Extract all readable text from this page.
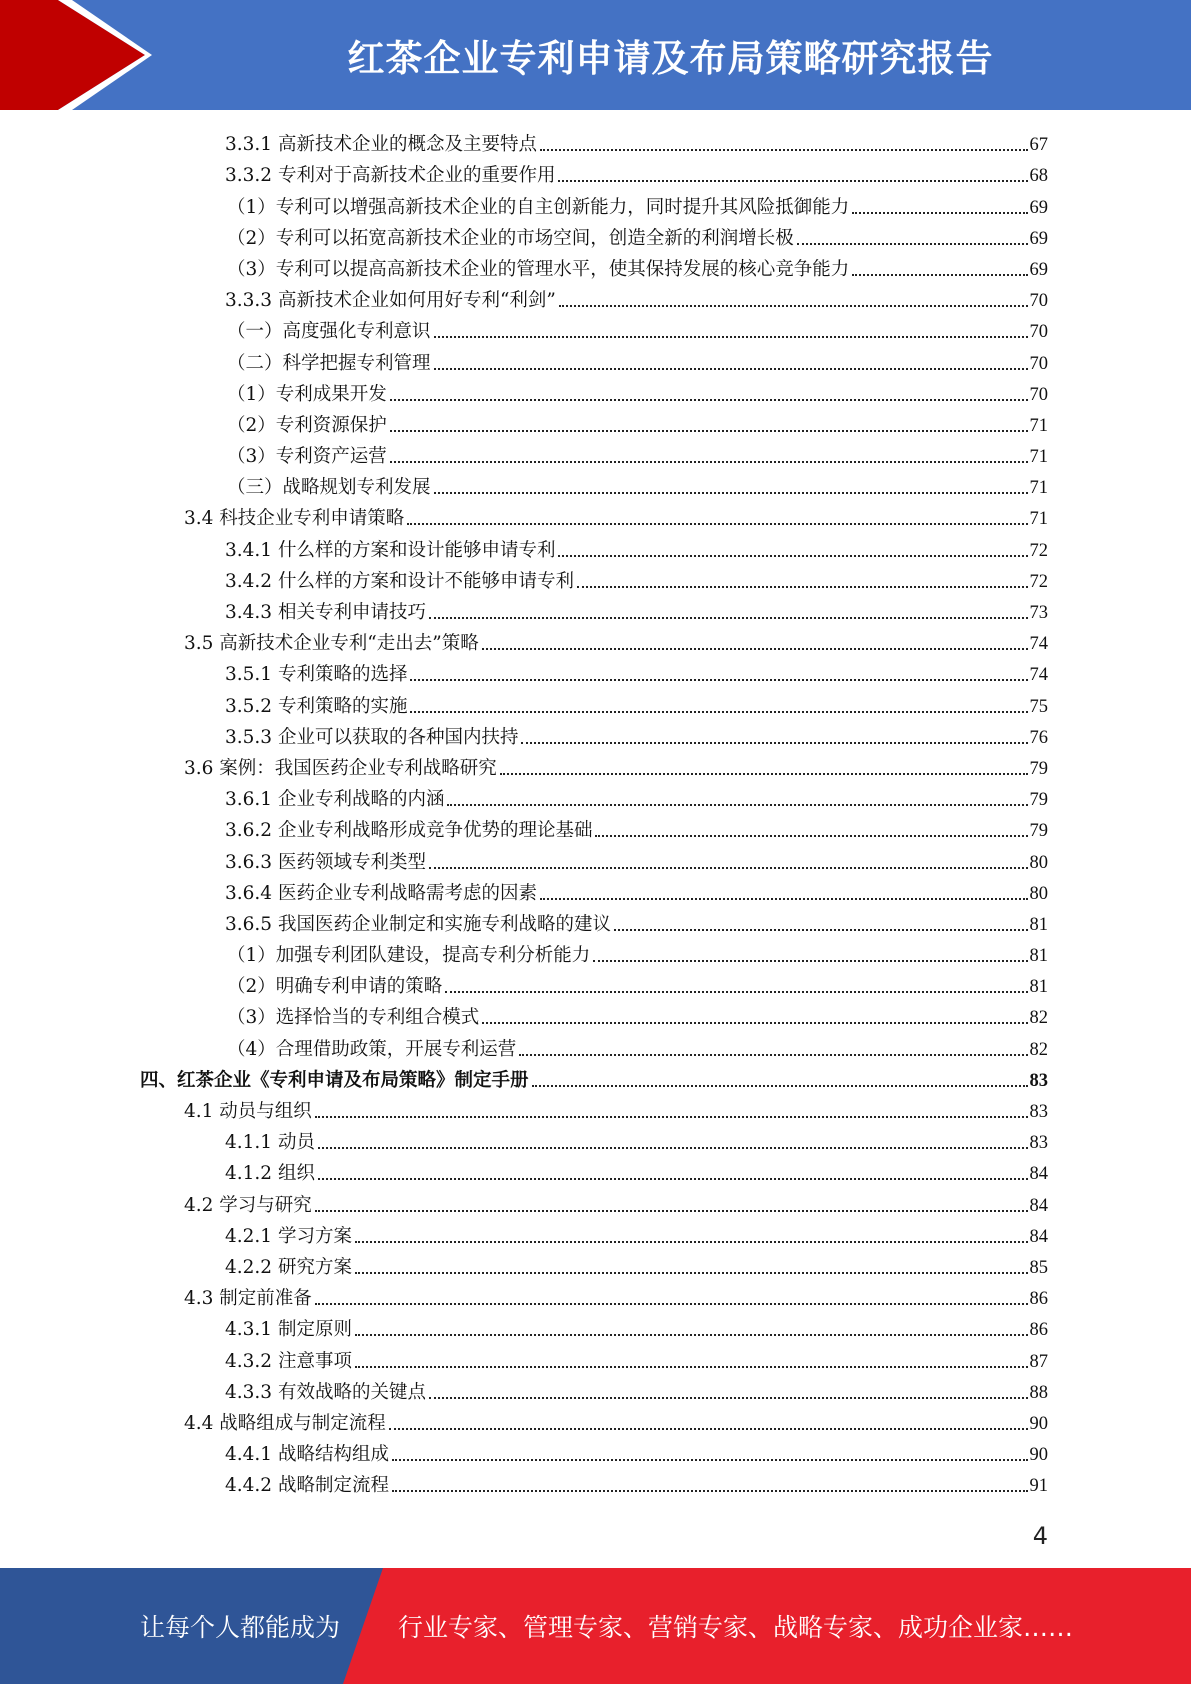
红茶企业专利申请及布局策略研究报告
3.3.1 高新技术企业的概念及主要特点	67
3.3.2 专利对于高新技术企业的重要作用	68
（1）专利可以增强高新技术企业的自主创新能力，同时提升其风险抵御能力	69
（2）专利可以拓宽高新技术企业的市场空间，创造全新的利润增长极	69
（3）专利可以提高高新技术企业的管理水平，使其保持发展的核心竞争能力	69
3.3.3 高新技术企业如何用好专利“利剑”	70
（一）高度强化专利意识	70
（二）科学把握专利管理	70
（1）专利成果开发	70
（2）专利资源保护	71
（3）专利资产运营	71
（三）战略规划专利发展	71
3.4 科技企业专利申请策略	71
3.4.1 什么样的方案和设计能够申请专利	72
3.4.2 什么样的方案和设计不能够申请专利	72
3.4.3 相关专利申请技巧	73
3.5 高新技术企业专利“走出去”策略	74
3.5.1 专利策略的选择	74
3.5.2 专利策略的实施	75
3.5.3 企业可以获取的各种国内扶持	76
3.6 案例：我国医药企业专利战略研究	79
3.6.1 企业专利战略的内涵	79
3.6.2 企业专利战略形成竞争优势的理论基础	79
3.6.3 医药领域专利类型	80
3.6.4 医药企业专利战略需考虑的因素	80
3.6.5 我国医药企业制定和实施专利战略的建议	81
（1）加强专利团队建设，提高专利分析能力	81
（2）明确专利申请的策略	81
（3）选择恰当的专利组合模式	82
（4）合理借助政策，开展专利运营	82
四、红茶企业《专利申请及布局策略》制定手册	83
4.1 动员与组织	83
4.1.1 动员	83
4.1.2 组织	84
4.2 学习与研究	84
4.2.1 学习方案	84
4.2.2 研究方案	85
4.3 制定前准备	86
4.3.1 制定原则	86
4.3.2 注意事项	87
4.3.3 有效战略的关键点	88
4.4 战略组成与制定流程	90
4.4.1 战略结构组成	90
4.4.2 战略制定流程	91
4
让每个人都能成为 行业专家、管理专家、营销专家、战略专家、成功企业家……
